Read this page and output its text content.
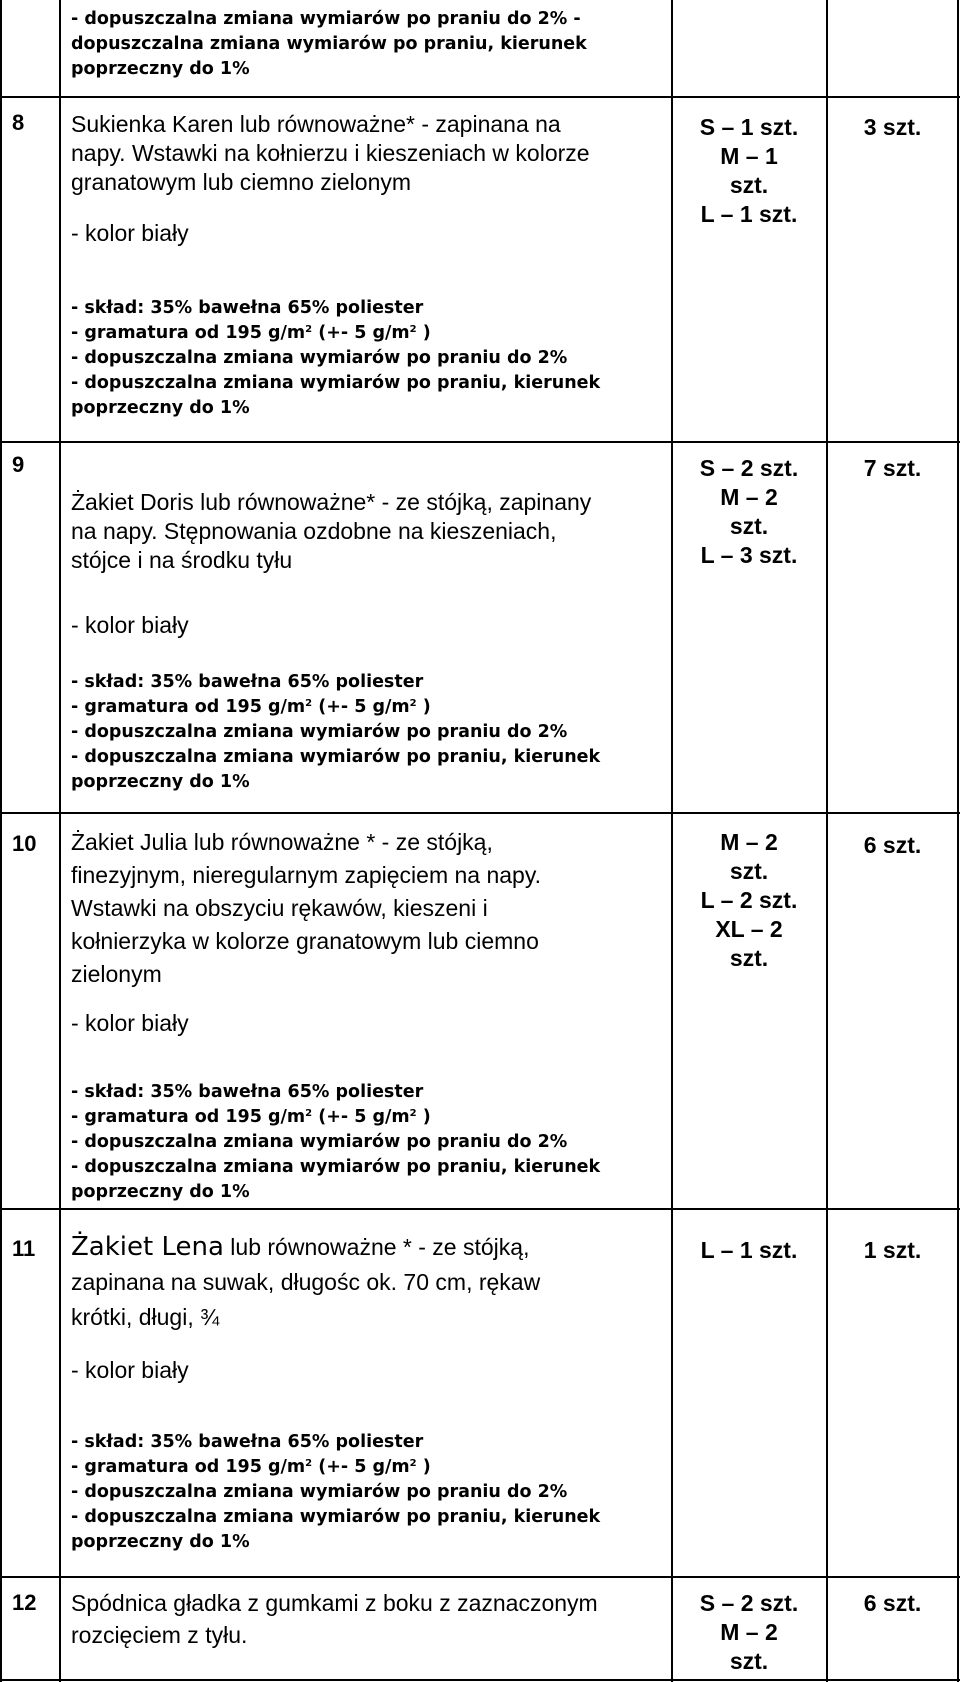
- dopuszczalna zmiana wymiarów po praniu do 2% -

dopuszczalna zmiana wymiarów po praniu, kierunek

poprzeczny do 1%

8 Sukienka Karen lub równoważne* - zapinana na

napy. Wstawki na kołnierzu i kieszeniach w kolorze

granatowym lub ciemno zielonym

- kolor biały

- skład: 35% bawełna 65% poliester

- gramatura od 195 $g/m^2$ (+- 5 $g/m^2$ )

- dopuszczalna zmiana wymiarów po praniu do 2%

- dopuszczalna zmiana wymiarów po praniu, kierunek

poprzeczny do 1%

S – 1 szt.
M – 1
szt.
L – 1 szt.
3 szt.
9

Żakiet Doris lub równoważne* - ze stójką, zapinany

na napy. Stępnowania ozdobne na kieszeniach,

stójce i na środku tyłu

- kolor biały

- skład: 35% bawełna 65% poliester

- gramatura od 195 $g/m^2$ (+- 5 $g/m^2$ )

- dopuszczalna zmiana wymiarów po praniu do 2%

- dopuszczalna zmiana wymiarów po praniu, kierunek

poprzeczny do 1%

S – 2 szt.
M – 2
szt.
L – 3 szt.
7 szt.
10 Żakiet Julia lub równoważne * - ze stójką,

finezyjnym, nieregularnym zapięciem na napy.

Wstawki na obszyciu rękawów, kieszeni i

kołnierzyka w kolorze granatowym lub ciemno

zielonym

- kolor biały

- skład: 35% bawełna 65% poliester

- gramatura od 195 $g/m^2$ (+- 5 $g/m^2$ )

- dopuszczalna zmiana wymiarów po praniu do 2%

- dopuszczalna zmiana wymiarów po praniu, kierunek

poprzeczny do 1%

M – 2
szt.
L – 2 szt.
XL – 2
szt.
6 szt.
11 Żakiet Lena lub równoważne * - ze stójką,

zapinana na suwak, długośc ok. 70 cm, rękaw

krótki, długi, ¾

- kolor biały

- skład: 35% bawełna 65% poliester

- gramatura od 195 $g/m^2$ (+- 5 $g/m^2$ )

- dopuszczalna zmiana wymiarów po praniu do 2%

- dopuszczalna zmiana wymiarów po praniu, kierunek

poprzeczny do 1%

L – 1 szt.	1 szt.
12 Spódnica gładka z gumkami z boku z zaznaczonym

rozcięciem z tyłu.

S – 2 szt.
M – 2
szt.
6 szt.
